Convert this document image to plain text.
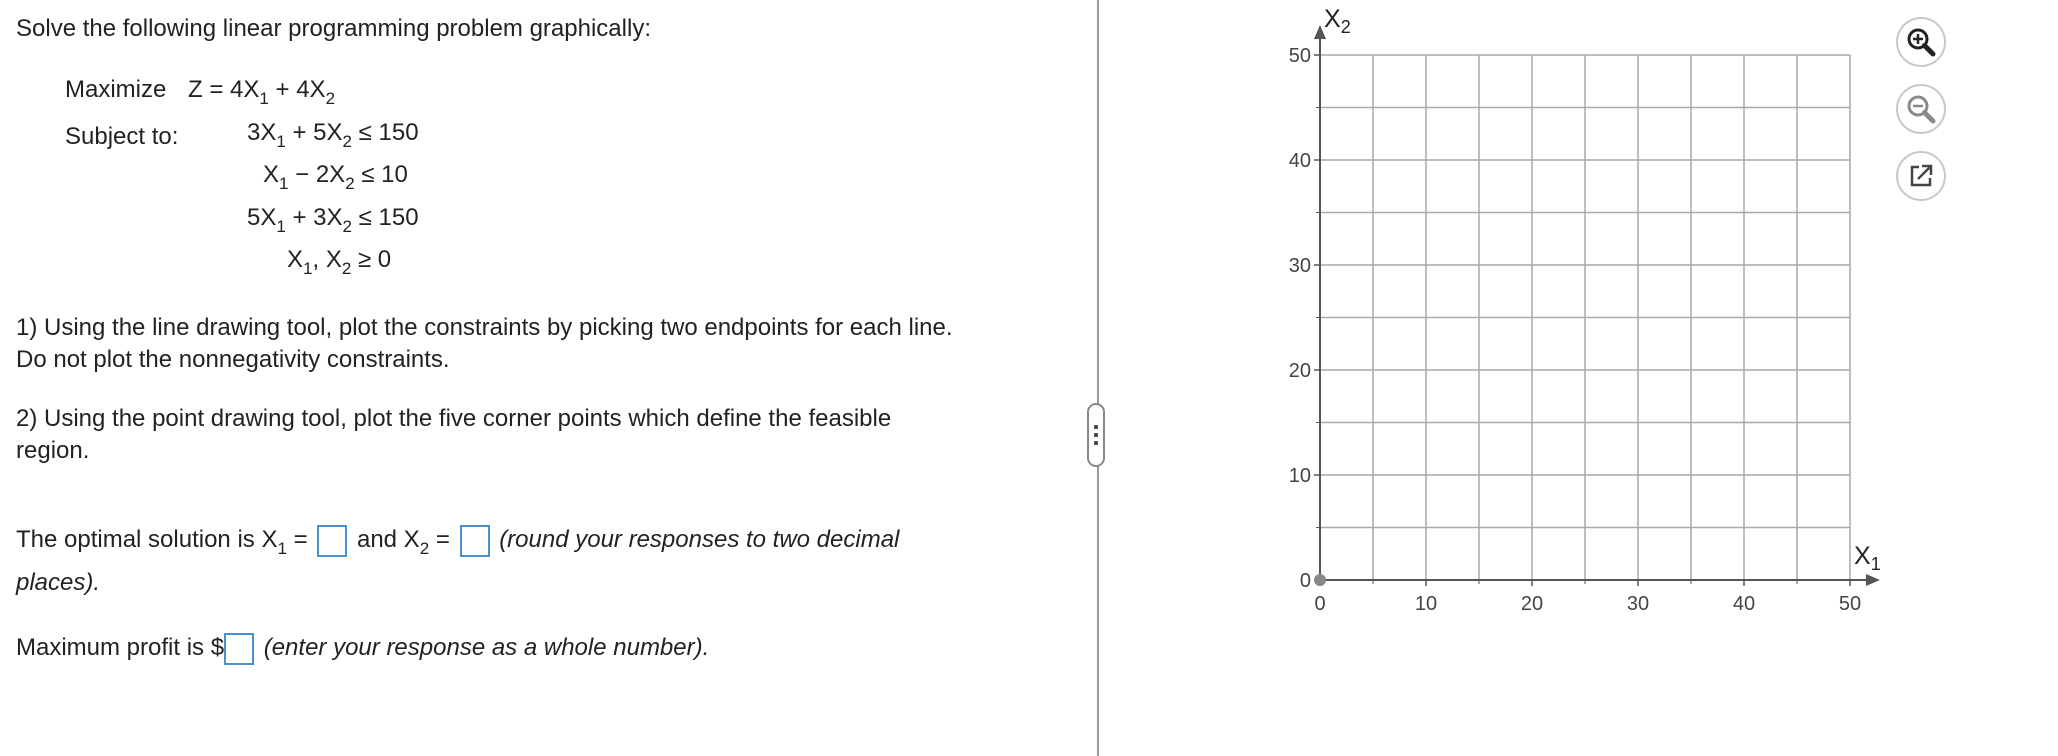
Solve the following linear programming problem graphically:
Maximize $Z = 4X_1 + 4X_2$
Subject to:	$3X_1 + 5X_2 \le 150$
$X_1 - 2X_2 \le 10$
$5X_1 + 3X_2 \le 150$
$X_1$, $X_2 \ge 0$
1) Using the line drawing tool, plot the constraints by picking two endpoints for each line.
Do not plot the nonnegativity constraints.
2) Using the point drawing tool, plot the five corner points which define the feasible
region.
The optimal solution is $X_1$ = and $X_2$ = (round your responses to two decimal
places).
Maximum profit is $ (enter your response as a whole number).
0	10	20	30	40	50
0
10
20
30
40
50
$X_2$
$X_1$
